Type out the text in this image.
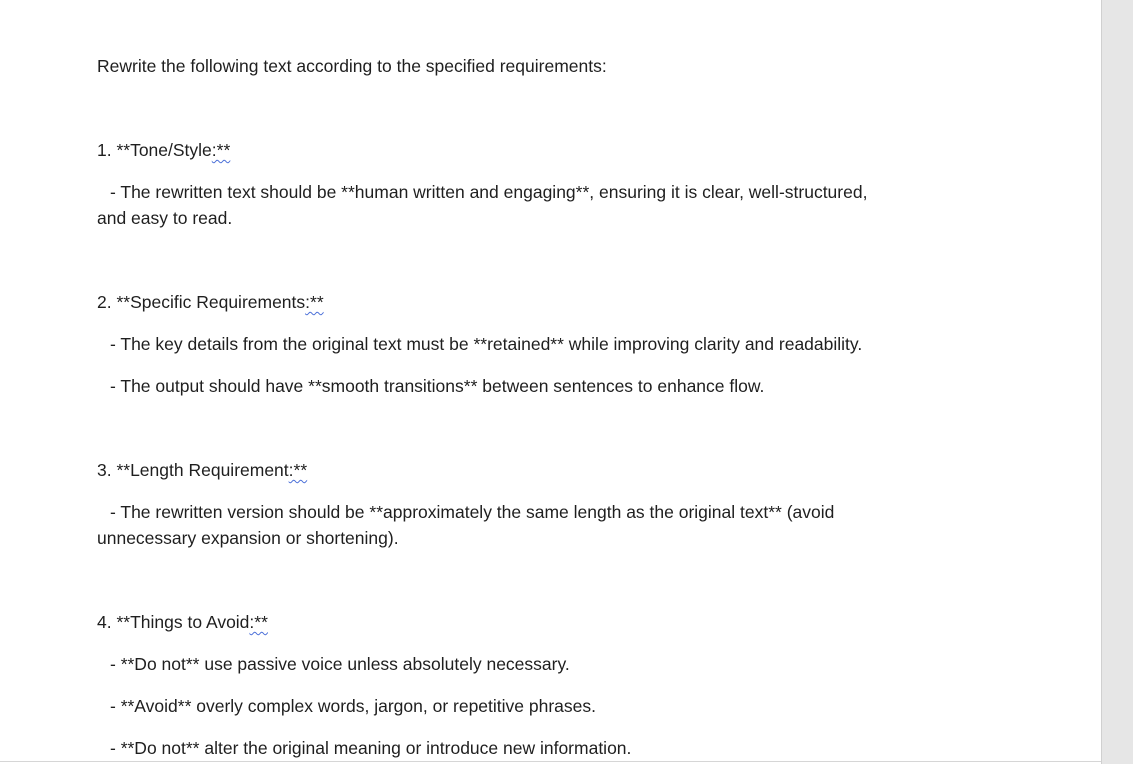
Rewrite the following text according to the specified requirements:
1. **Tone/Style:**
- The rewritten text should be **human written and engaging**, ensuring it is clear, well-structured,
and easy to read.
2. **Specific Requirements:**
- The key details from the original text must be **retained** while improving clarity and readability.
- The output should have **smooth transitions** between sentences to enhance flow.
3. **Length Requirement:**
- The rewritten version should be **approximately the same length as the original text** (avoid
unnecessary expansion or shortening).
4. **Things to Avoid:**
- **Do not** use passive voice unless absolutely necessary.
- **Avoid** overly complex words, jargon, or repetitive phrases.
- **Do not** alter the original meaning or introduce new information.
